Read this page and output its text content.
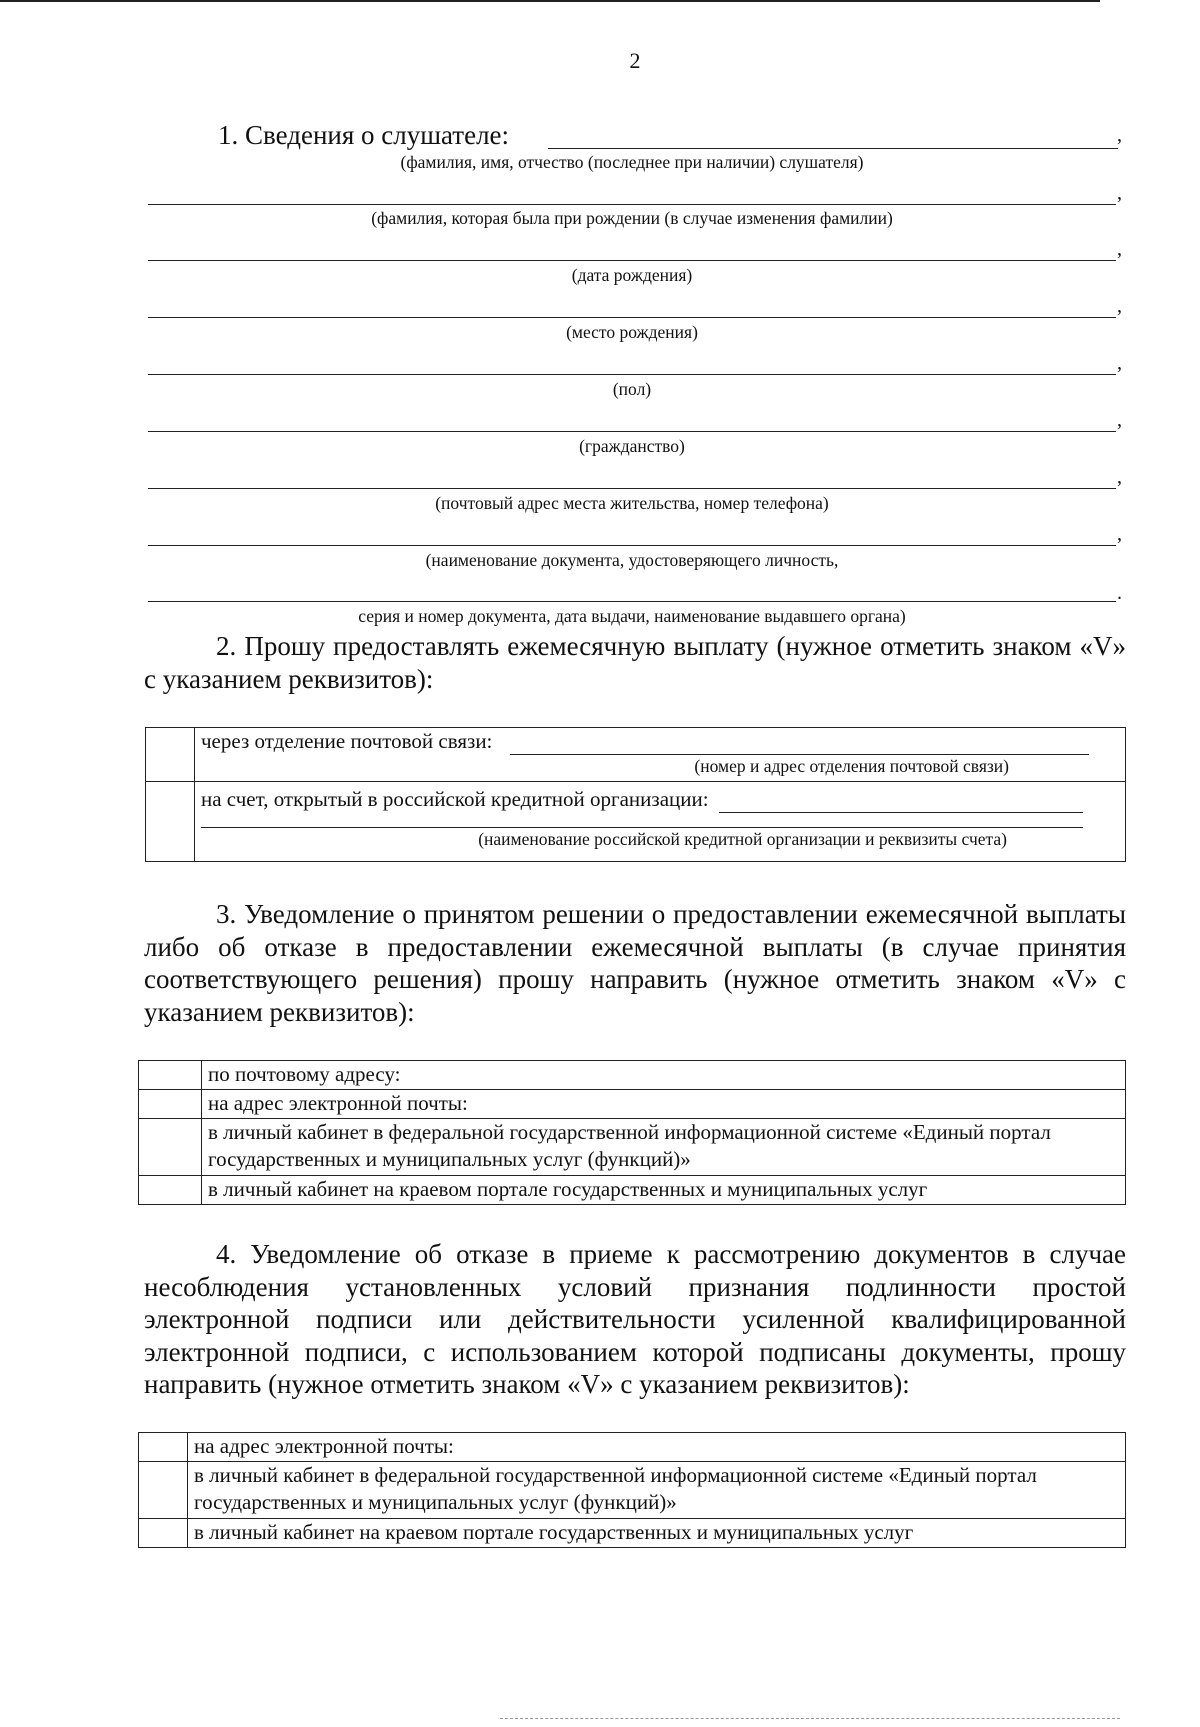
2
1. Сведения о слушателе:	,
(фамилия, имя, отчество (последнее при наличии) слушателя)
,
(фамилия, которая была при рождении (в случае изменения фамилии)
,
(дата рождения)
,
(место рождения)
,
(пол)
,
(гражданство)
,
(почтовый адрес места жительства, номер телефона)
,
(наименование документа, удостоверяющего личность,
.
серия и номер документа, дата выдачи, наименование выдавшего органа)
2. Прошу предоставлять ежемесячную выплату (нужное отметить знаком «V» с указанием реквизитов):

	через отделение почтовой связи:
(номер и адрес отделения почтовой связи)

	на счет, открытый в российской кредитной организации:
(наименование российской кредитной организации и реквизиты счета)
3. Уведомление о принятом решении о предоставлении ежемесячной выплаты либо об отказе в предоставлении ежемесячной выплаты (в случае принятия соответствующего решения) прошу направить (нужное отметить знаком «V» с указанием реквизитов):
	по почтовому адресу:
	на адрес электронной почты:
	в личный кабинет в федеральной государственной информационной системе «Единый портал государственных и муниципальных услуг (функций)»
	в личный кабинет на краевом портале государственных и муниципальных услуг
4. Уведомление об отказе в приеме к рассмотрению документов в случае несоблюдения установленных условий признания подлинности простой электронной подписи или действительности усиленной квалифицированной электронной подписи, с использованием которой подписаны документы, прошу направить (нужное отметить знаком «V» с указанием реквизитов):
	на адрес электронной почты:
	в личный кабинет в федеральной государственной информационной системе «Единый портал государственных и муниципальных услуг (функций)»
	в личный кабинет на краевом портале государственных и муниципальных услуг
